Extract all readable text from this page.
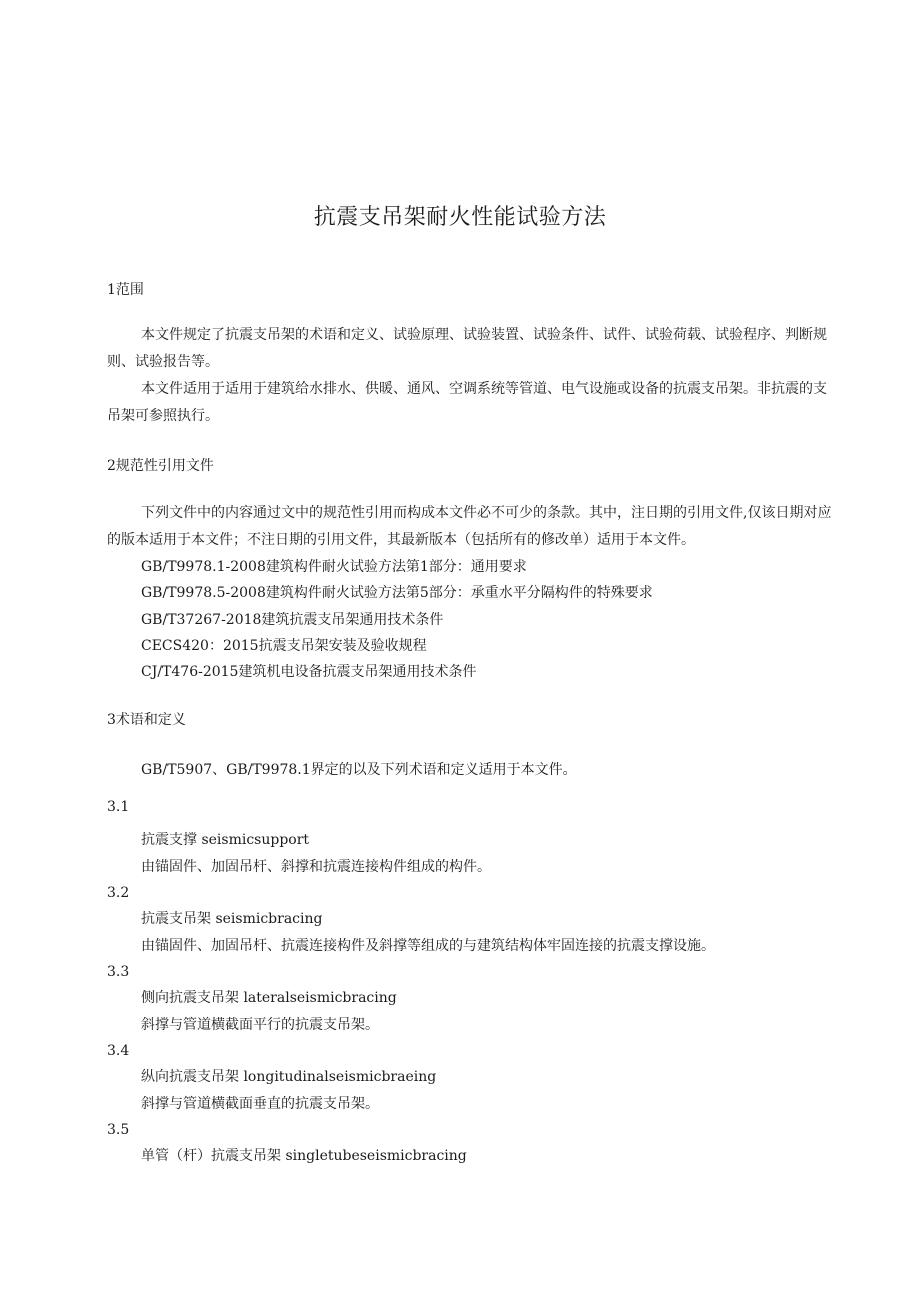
抗震支吊架耐火性能试验方法
1范围
本文件规定了抗震支吊架的术语和定义、试验原理、试验装置、试验条件、试件、试验荷载、试验程序、判断规则、试验报告等。
本文件适用于适用于建筑给水排水、供暖、通风、空调系统等管道、电气设施或设备的抗震支吊架。非抗震的支吊架可参照执行。
2规范性引用文件
下列文件中的内容通过文中的规范性引用而构成本文件必不可少的条款。其中，注日期的引用文件,仅该日期对应的版本适用于本文件；不注日期的引用文件，其最新版本（包括所有的修改单）适用于本文件。
GB/T9978.1-2008建筑构件耐火试验方法第1部分：通用要求
GB/T9978.5-2008建筑构件耐火试验方法第5部分：承重水平分隔构件的特殊要求
GB/T37267-2018建筑抗震支吊架通用技术条件
CECS420：2015抗震支吊架安装及验收规程
CJ/T476-2015建筑机电设备抗震支吊架通用技术条件
3术语和定义
GB/T5907、GB/T9978.1界定的以及下列术语和定义适用于本文件。
3.1
抗震支撑 seismicsupport
由锚固件、加固吊杆、斜撑和抗震连接构件组成的构件。
3.2
抗震支吊架 seismicbracing
由锚固件、加固吊杆、抗震连接构件及斜撑等组成的与建筑结构体牢固连接的抗震支撑设施。
3.3
侧向抗震支吊架 lateralseismicbracing
斜撑与管道横截面平行的抗震支吊架。
3.4
纵向抗震支吊架 longitudinalseismicbraeing
斜撑与管道横截面垂直的抗震支吊架。
3.5
单管（杆）抗震支吊架 singletubeseismicbracing
